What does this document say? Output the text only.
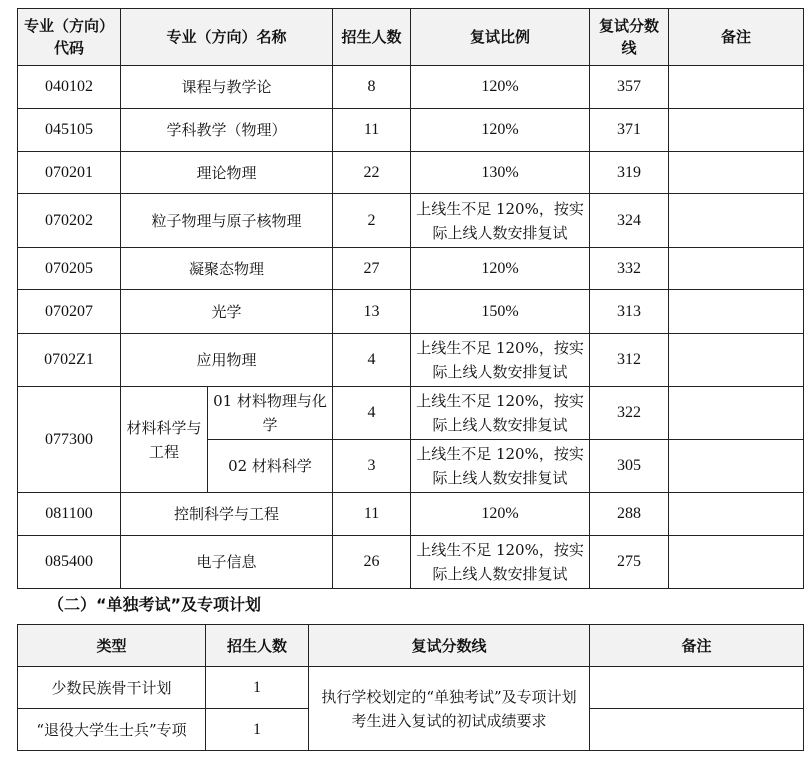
专业（方向）代码	专业（方向）名称		招生人数	复试比例	复试分数线	备注
040102	课程与教学论		8	120%	357	
045105	学科教学（物理）		11	120%	371	
070201	理论物理		22	130%	319	
070202	粒子物理与原子核物理		2	上线生不足 120%，按实际上线人数安排复试	324	
070205	凝聚态物理		27	120%	332	
070207	光学		13	150%	313	
0702Z1	应用物理		4	上线生不足 120%，按实际上线人数安排复试	312	
077300	材料科学与工程	01 材料物理与化学	4	上线生不足 120%，按实际上线人数安排复试	322	
		02 材料科学	3	上线生不足 120%，按实际上线人数安排复试	305	
081100	控制科学与工程		11	120%	288	
085400	电子信息		26	上线生不足 120%，按实际上线人数安排复试	275	
（二）“单独考试”及专项计划
类型	招生人数	复试分数线	备注
少数民族骨干计划	1	执行学校划定的“单独考试”及专项计划考生进入复试的初试成绩要求	
“退役大学生士兵”专项	1		
